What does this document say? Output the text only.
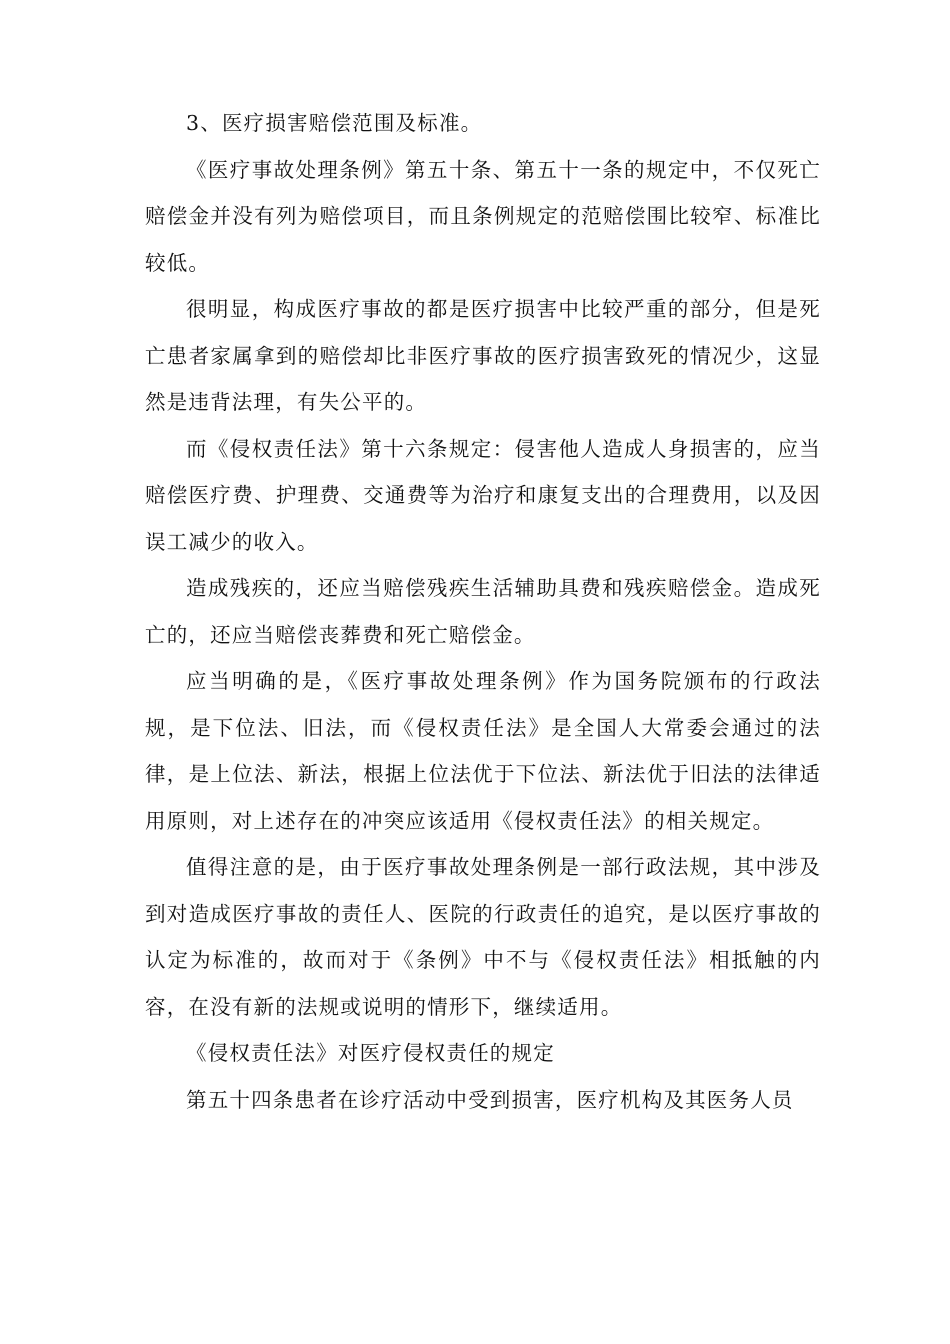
3、医疗损害赔偿范围及标准。

《医疗事故处理条例》第五十条、第五十一条的规定中，不仅死亡赔偿金并没有列为赔偿项目，而且条例规定的范赔偿围比较窄、标准比较低。

很明显，构成医疗事故的都是医疗损害中比较严重的部分，但是死亡患者家属拿到的赔偿却比非医疗事故的医疗损害致死的情况少，这显然是违背法理，有失公平的。

而《侵权责任法》第十六条规定：侵害他人造成人身损害的，应当赔偿医疗费、护理费、交通费等为治疗和康复支出的合理费用，以及因误工减少的收入。

造成残疾的，还应当赔偿残疾生活辅助具费和残疾赔偿金。造成死亡的，还应当赔偿丧葬费和死亡赔偿金。

应当明确的是，《医疗事故处理条例》作为国务院颁布的行政法规，是下位法、旧法，而《侵权责任法》是全国人大常委会通过的法律，是上位法、新法，根据上位法优于下位法、新法优于旧法的法律适用原则，对上述存在的冲突应该适用《侵权责任法》的相关规定。

值得注意的是，由于医疗事故处理条例是一部行政法规，其中涉及到对造成医疗事故的责任人、医院的行政责任的追究，是以医疗事故的认定为标准的，故而对于《条例》中不与《侵权责任法》相抵触的内容，在没有新的法规或说明的情形下，继续适用。

《侵权责任法》对医疗侵权责任的规定

第五十四条患者在诊疗活动中受到损害，医疗机构及其医务人员
